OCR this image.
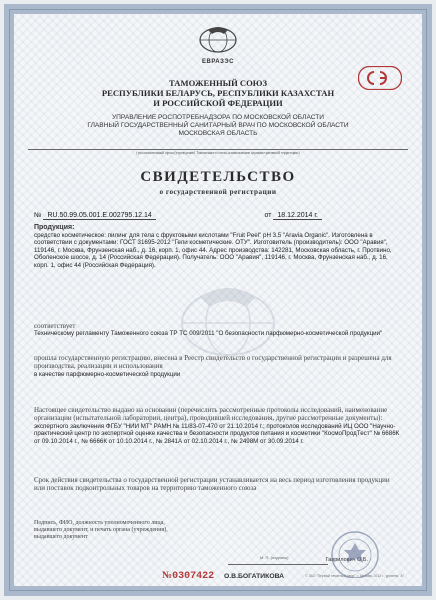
ЕВРАЗЭС
ТАМОЖЕННЫЙ СОЮЗ
РЕСПУБЛИКИ БЕЛАРУСЬ, РЕСПУБЛИКИ КАЗАХСТАН
И РОССИЙСКОЙ ФЕДЕРАЦИИ
УПРАВЛЕНИЕ РОСПОТРЕБНАДЗОРА ПО МОСКОВСКОЙ ОБЛАСТИ
ГЛАВНЫЙ ГОСУДАРСТВЕННЫЙ САНИТАРНЫЙ ВРАЧ ПО МОСКОВСКОЙ ОБЛАСТИ
МОСКОВСКАЯ ОБЛАСТЬ
(уполномоченный орган (учреждение) Таможенного союза, наименование административной территории)
СВИДЕТЕЛЬСТВО
о государственной регистрации
№ RU.50.99.05.001.E.002795.12.14	от 18.12.2014 г.
Продукция:
средство косметическое: пилинг для тела с фруктовыми кислотами "Fruit Peel" pH 3.5 "Aravia Organic". Изготовлена в соответствии с документами: ГОСТ 31695-2012 "Гели косметические. ОТУ". Изготовитель (производитель): ООО "Аравия", 119146, г. Москва, Фрунзенская наб., д. 16, корп. 1, офис 44. Адрес производства: 142281, Московская область, г. Протвино, Оболенское шоссе, д. 14 (Российская Федерация). Получатель: ООО "Аравия", 119146, г. Москва, Фрунзенская наб., д. 16, корп. 1, офис 44 (Российская Федерация).
соответствует
Техническому регламенту Таможенного союза ТР ТС 009/2011 "О безопасности парфюмерно-косметической продукции"
прошла государственную регистрацию, внесена в Реестр свидетельств о государственной регистрации и разрешена для производства, реализации и использования
в качестве парфюмерно-косметической продукции
Настоящее свидетельство выдано на основании (перечислить рассмотренные протоколы исследований, наименование организации (испытательной лаборатории, центра), проводившей исследования, другие рассмотренные документы):
экспертного заключения ФГБУ "НИИ МТ" РАМН № 11/83-07-470 от 21.10.2014 г.; протоколов исследований ИЦ ООО "Научно-практический центр по экспертной оценке качества и безопасности продуктов питания и косметики "КосмоПродТест" № 6686К от 09.10.2014 г., № 6666К от 10.10.2014 г., № 2841А от 02.10.2014 г., № 2498М от 30.09.2014 г.
Срок действия свидетельства о государственной регистрации устанавливается на весь период изготовления продукции или поставок подконтрольных товаров на территорию таможенного союза
Подпись, ФИО, должность уполномоченного лица, выдавшего документ, и печать органа (учреждения), выдавшего документ
М. П. (подпись)	Гаврилович О.Б.
№0307422 О.В.БОГАТИКОВА	© ЗАО "Первый печатный двор", г. Москва, 2012 г., уровень "А"
